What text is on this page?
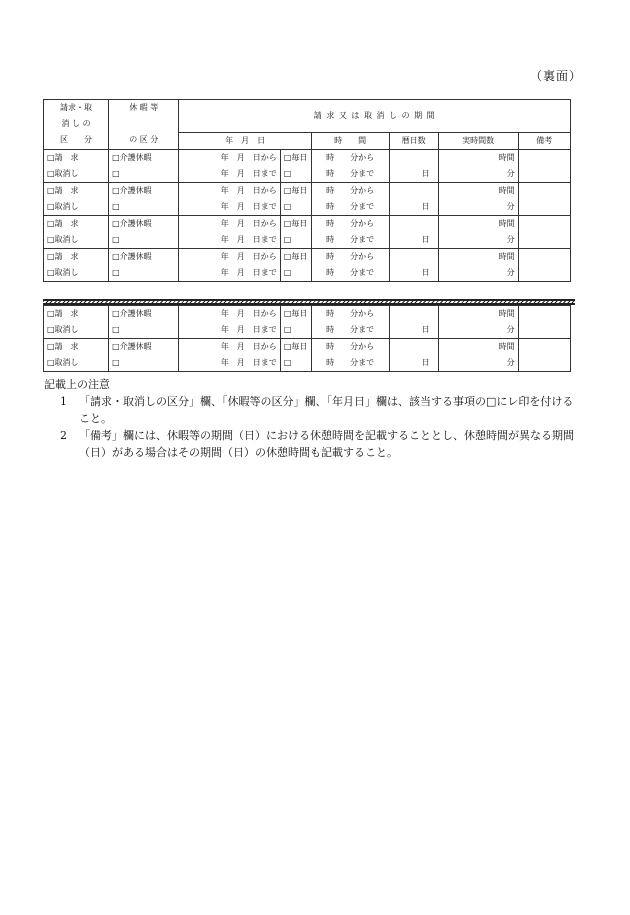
（裏面）
請求・取	休 暇 等	請 求 又 は 取 消 し の 期 間					
消 し の							
区　　分	の 区 分	年　月　日		時　　間	暦日数	実時間数	備考
□請　求	□介護休暇	年　月　日から	□毎日	時　　分から		時間	
□取消し	□	年　月　日まで	□	時　　分まで	日	分	
□請　求	□介護休暇	年　月　日から	□毎日	時　　分から		時間	
□取消し	□	年　月　日まで	□	時　　分まで	日	分	
□請　求	□介護休暇	年　月　日から	□毎日	時　　分から		時間	
□取消し	□	年　月　日まで	□	時　　分まで	日	分	
□請　求	□介護休暇	年　月　日から	□毎日	時　　分から		時間	
□取消し	□	年　月　日まで	□	時　　分まで	日	分	
□請　求	□介護休暇	年　月　日から	□毎日	時　　分から		時間	
□取消し	□	年　月　日まで	□	時　　分まで	日	分	
□請　求	□介護休暇	年　月　日から	□毎日	時　　分から		時間	
□取消し	□	年　月　日まで	□	時　　分まで	日	分	
記載上の注意
1 「請求・取消しの区分」欄、「休暇等の区分」欄、「年月日」欄は、該当する事項の□にレ印を付けること。
2 「備考」欄には、休暇等の期間（日）における休憩時間を記載することとし、休憩時間が異なる期間（日）がある場合はその期間（日）の休憩時間も記載すること。
